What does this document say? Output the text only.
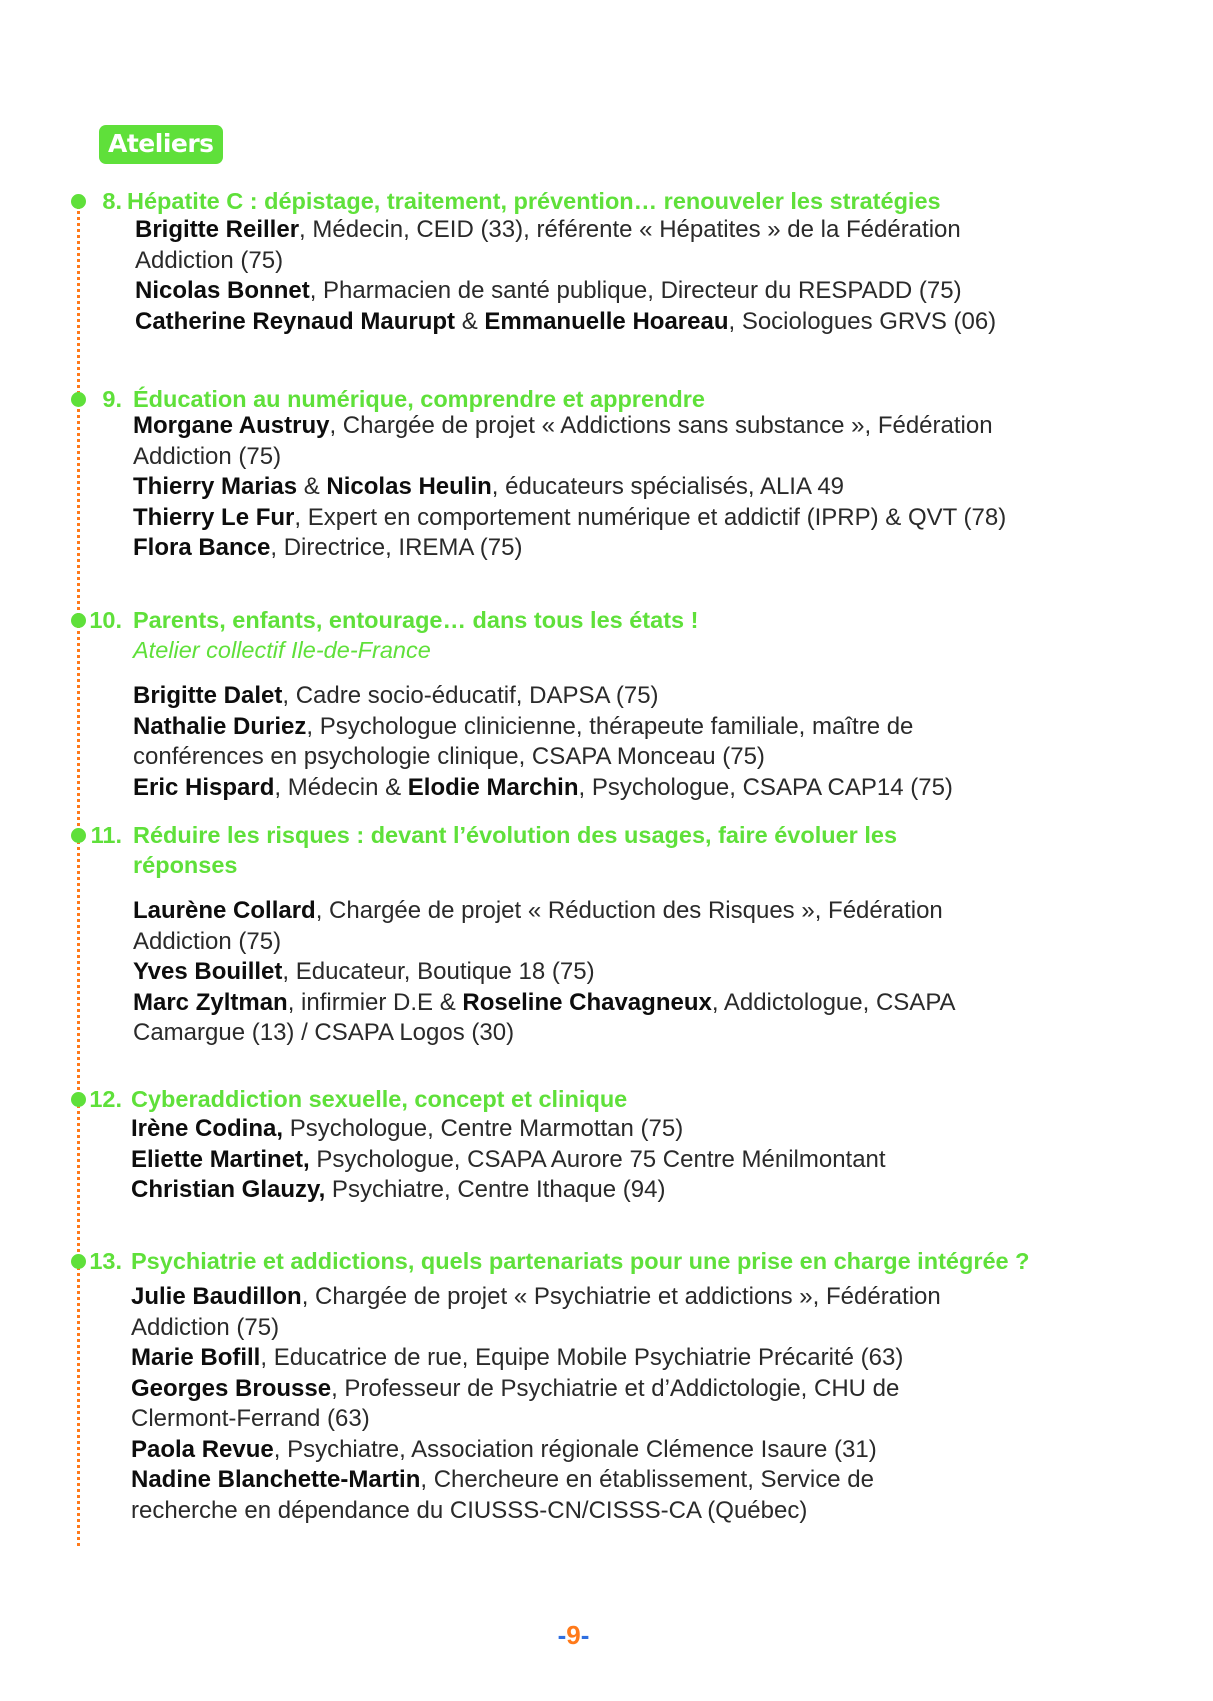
Ateliers
8. Hépatite C : dépistage, traitement, prévention… renouveler les stratégies

Brigitte Reiller, Médecin, CEID (33), référente « Hépatites » de la Fédération

Addiction (75)

Nicolas Bonnet, Pharmacien de santé publique, Directeur du RESPADD (75)

Catherine Reynaud Maurupt & Emmanuelle Hoareau, Sociologues GRVS (06)

9. Éducation au numérique, comprendre et apprendre

Morgane Austruy, Chargée de projet « Addictions sans substance », Fédération

Addiction (75)

Thierry Marias & Nicolas Heulin, éducateurs spécialisés, ALIA 49

Thierry Le Fur, Expert en comportement numérique et addictif (IPRP) & QVT (78)

Flora Bance, Directrice, IREMA (75)

10. Parents, enfants, entourage… dans tous les états !
Atelier collectif Ile-de-France

Brigitte Dalet, Cadre socio-éducatif, DAPSA (75)

Nathalie Duriez, Psychologue clinicienne, thérapeute familiale, maître de

conférences en psychologie clinique, CSAPA Monceau (75)

Eric Hispard, Médecin & Elodie Marchin, Psychologue, CSAPA CAP14 (75)

11. Réduire les risques : devant l’évolution des usages, faire évoluer les
réponses

Laurène Collard, Chargée de projet « Réduction des Risques », Fédération

Addiction (75)

Yves Bouillet, Educateur, Boutique 18 (75)

Marc Zyltman, infirmier D.E & Roseline Chavagneux, Addictologue, CSAPA

Camargue (13) / CSAPA Logos (30)

12. Cyberaddiction sexuelle, concept et clinique

Irène Codina, Psychologue, Centre Marmottan (75)

Eliette Martinet, Psychologue, CSAPA Aurore 75 Centre Ménilmontant

Christian Glauzy, Psychiatre, Centre Ithaque (94)

13. Psychiatrie et addictions, quels partenariats pour une prise en charge intégrée ?

Julie Baudillon, Chargée de projet « Psychiatrie et addictions », Fédération

Addiction (75)

Marie Bofill, Educatrice de rue, Equipe Mobile Psychiatrie Précarité (63)

Georges Brousse, Professeur de Psychiatrie et d’Addictologie, CHU de

Clermont-Ferrand (63)

Paola Revue, Psychiatre, Association régionale Clémence Isaure (31)

Nadine Blanchette-Martin, Chercheure en établissement, Service de

recherche en dépendance du CIUSSS-CN/CISSS-CA (Québec)

-9-
